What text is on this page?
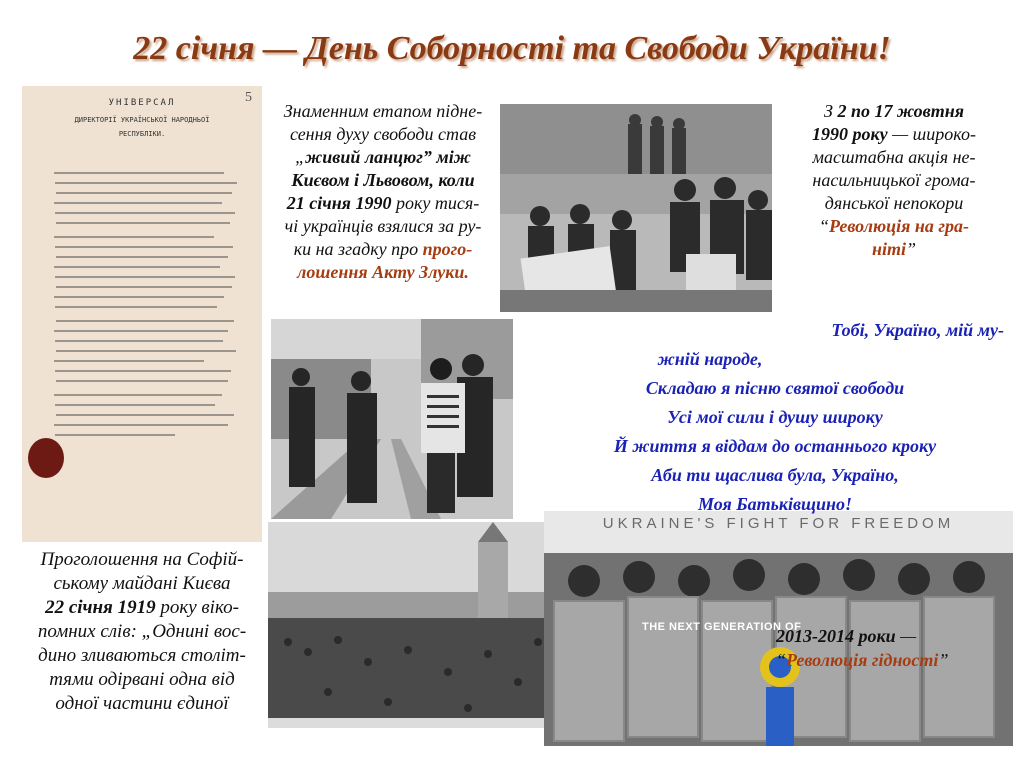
22 січня — День Соборності та Свободи України!
5
УНІВЕРСАЛ
ДИРЕКТОРІЇ УКРАЇНСЬКОЇ НАРОДНЬОЇ
РЕСПУБЛІКИ.
UKRAINE'S FIGHT FOR FREEDOM
THE NEXT GENERATION OF
Знаменним етапом підне-
сення духу свободи став
„живий ланцюг” між
Києвом і Львовом, коли
21 січня 1990 року тися-
чі українців взялися за ру-
ки на згадку про прого-
лошення Акту Злуки.
З 2 по 17 жовтня
1990 року — широко-
масштабна акція не-
насильницької грома-
дянської непокори
“Революція на гра-
ніті”
Тобі, Україно, мій му-
жній народе,
Складаю я пісню святої свободи
Усі мої сили і душу широку
Й життя я віддам до останнього кроку
Аби ти щаслива була, Україно,
Моя Батьківщино!
Проголошення на Софій-
ському майдані Києва
22 січня 1919 року віко-
помних слів: „Однині вос-
дино зливаються століт-
тями одірвані одна від
одної частини єдиної
2013-2014 роки —
“Революція гідності”
